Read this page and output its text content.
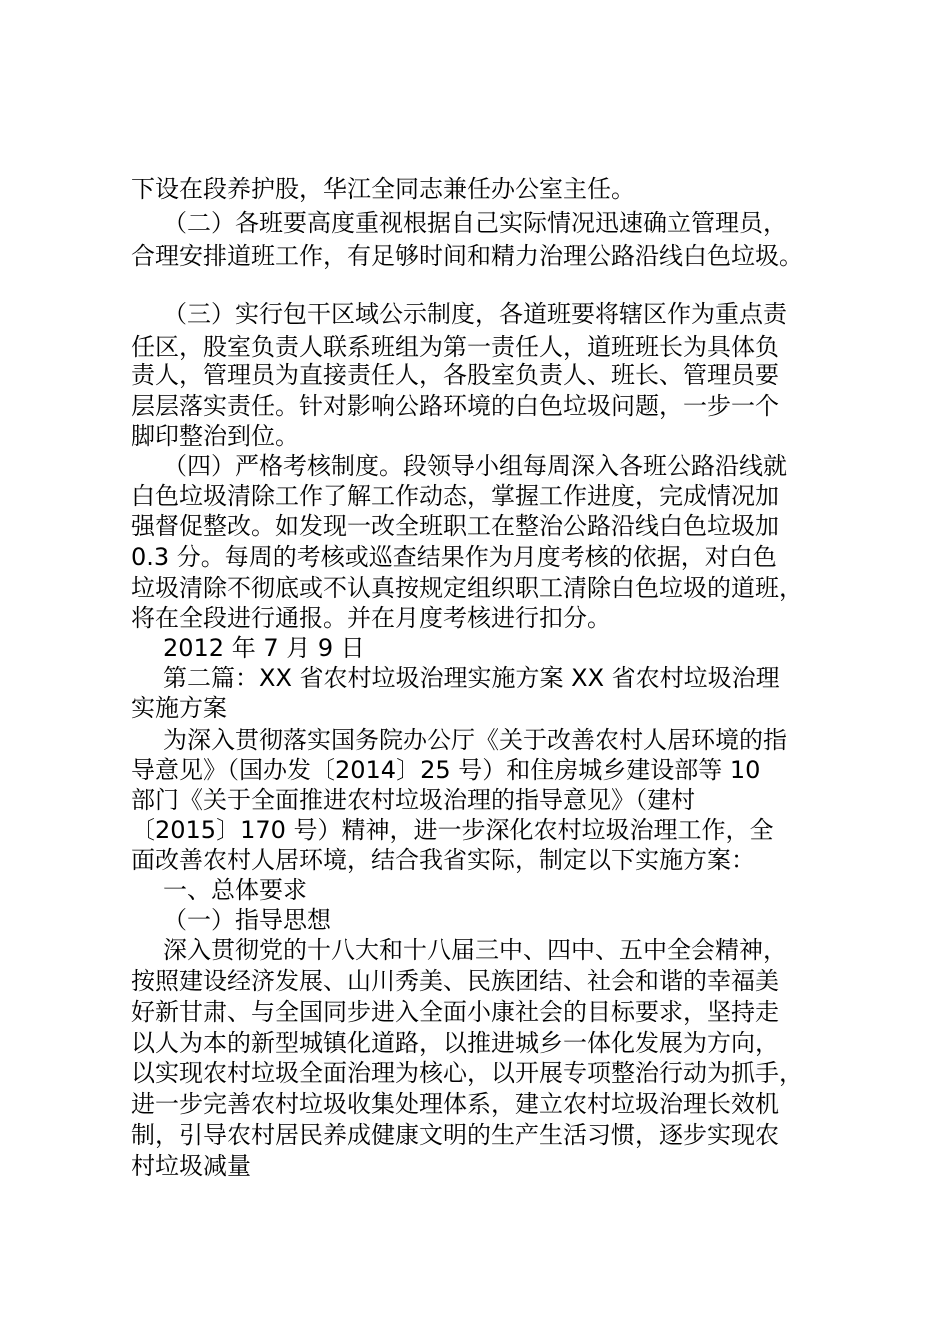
下设在段养护股，华江全同志兼任办公室主任。
（二）各班要高度重视根据自己实际情况迅速确立管理员，
合理安排道班工作，有足够时间和精力治理公路沿线白色垃圾。
（三）实行包干区域公示制度，各道班要将辖区作为重点责
任区，股室负责人联系班组为第一责任人，道班班长为具体负
责人，管理员为直接责任人，各股室负责人、班长、管理员要
层层落实责任。针对影响公路环境的白色垃圾问题，一步一个
脚印整治到位。
（四）严格考核制度。段领导小组每周深入各班公路沿线就
白色垃圾清除工作了解工作动态，掌握工作进度，完成情况加
强督促整改。如发现一改全班职工在整治公路沿线白色垃圾加
0.3 分。每周的考核或巡查结果作为月度考核的依据，对白色
垃圾清除不彻底或不认真按规定组织职工清除白色垃圾的道班，
将在全段进行通报。并在月度考核进行扣分。
2012 年 7 月 9 日
第二篇：XX 省农村垃圾治理实施方案 XX 省农村垃圾治理
实施方案
为深入贯彻落实国务院办公厅《关于改善农村人居环境的指
导意见》（国办发〔2014〕25 号）和住房城乡建设部等 10
部门《关于全面推进农村垃圾治理的指导意见》（建村
〔2015〕170 号）精神，进一步深化农村垃圾治理工作，全
面改善农村人居环境，结合我省实际，制定以下实施方案：
一、总体要求
（一）指导思想
深入贯彻党的十八大和十八届三中、四中、五中全会精神，
按照建设经济发展、山川秀美、民族团结、社会和谐的幸福美
好新甘肃、与全国同步进入全面小康社会的目标要求，坚持走
以人为本的新型城镇化道路，以推进城乡一体化发展为方向，
以实现农村垃圾全面治理为核心，以开展专项整治行动为抓手，
进一步完善农村垃圾收集处理体系，建立农村垃圾治理长效机
制，引导农村居民养成健康文明的生产生活习惯，逐步实现农
村垃圾减量
